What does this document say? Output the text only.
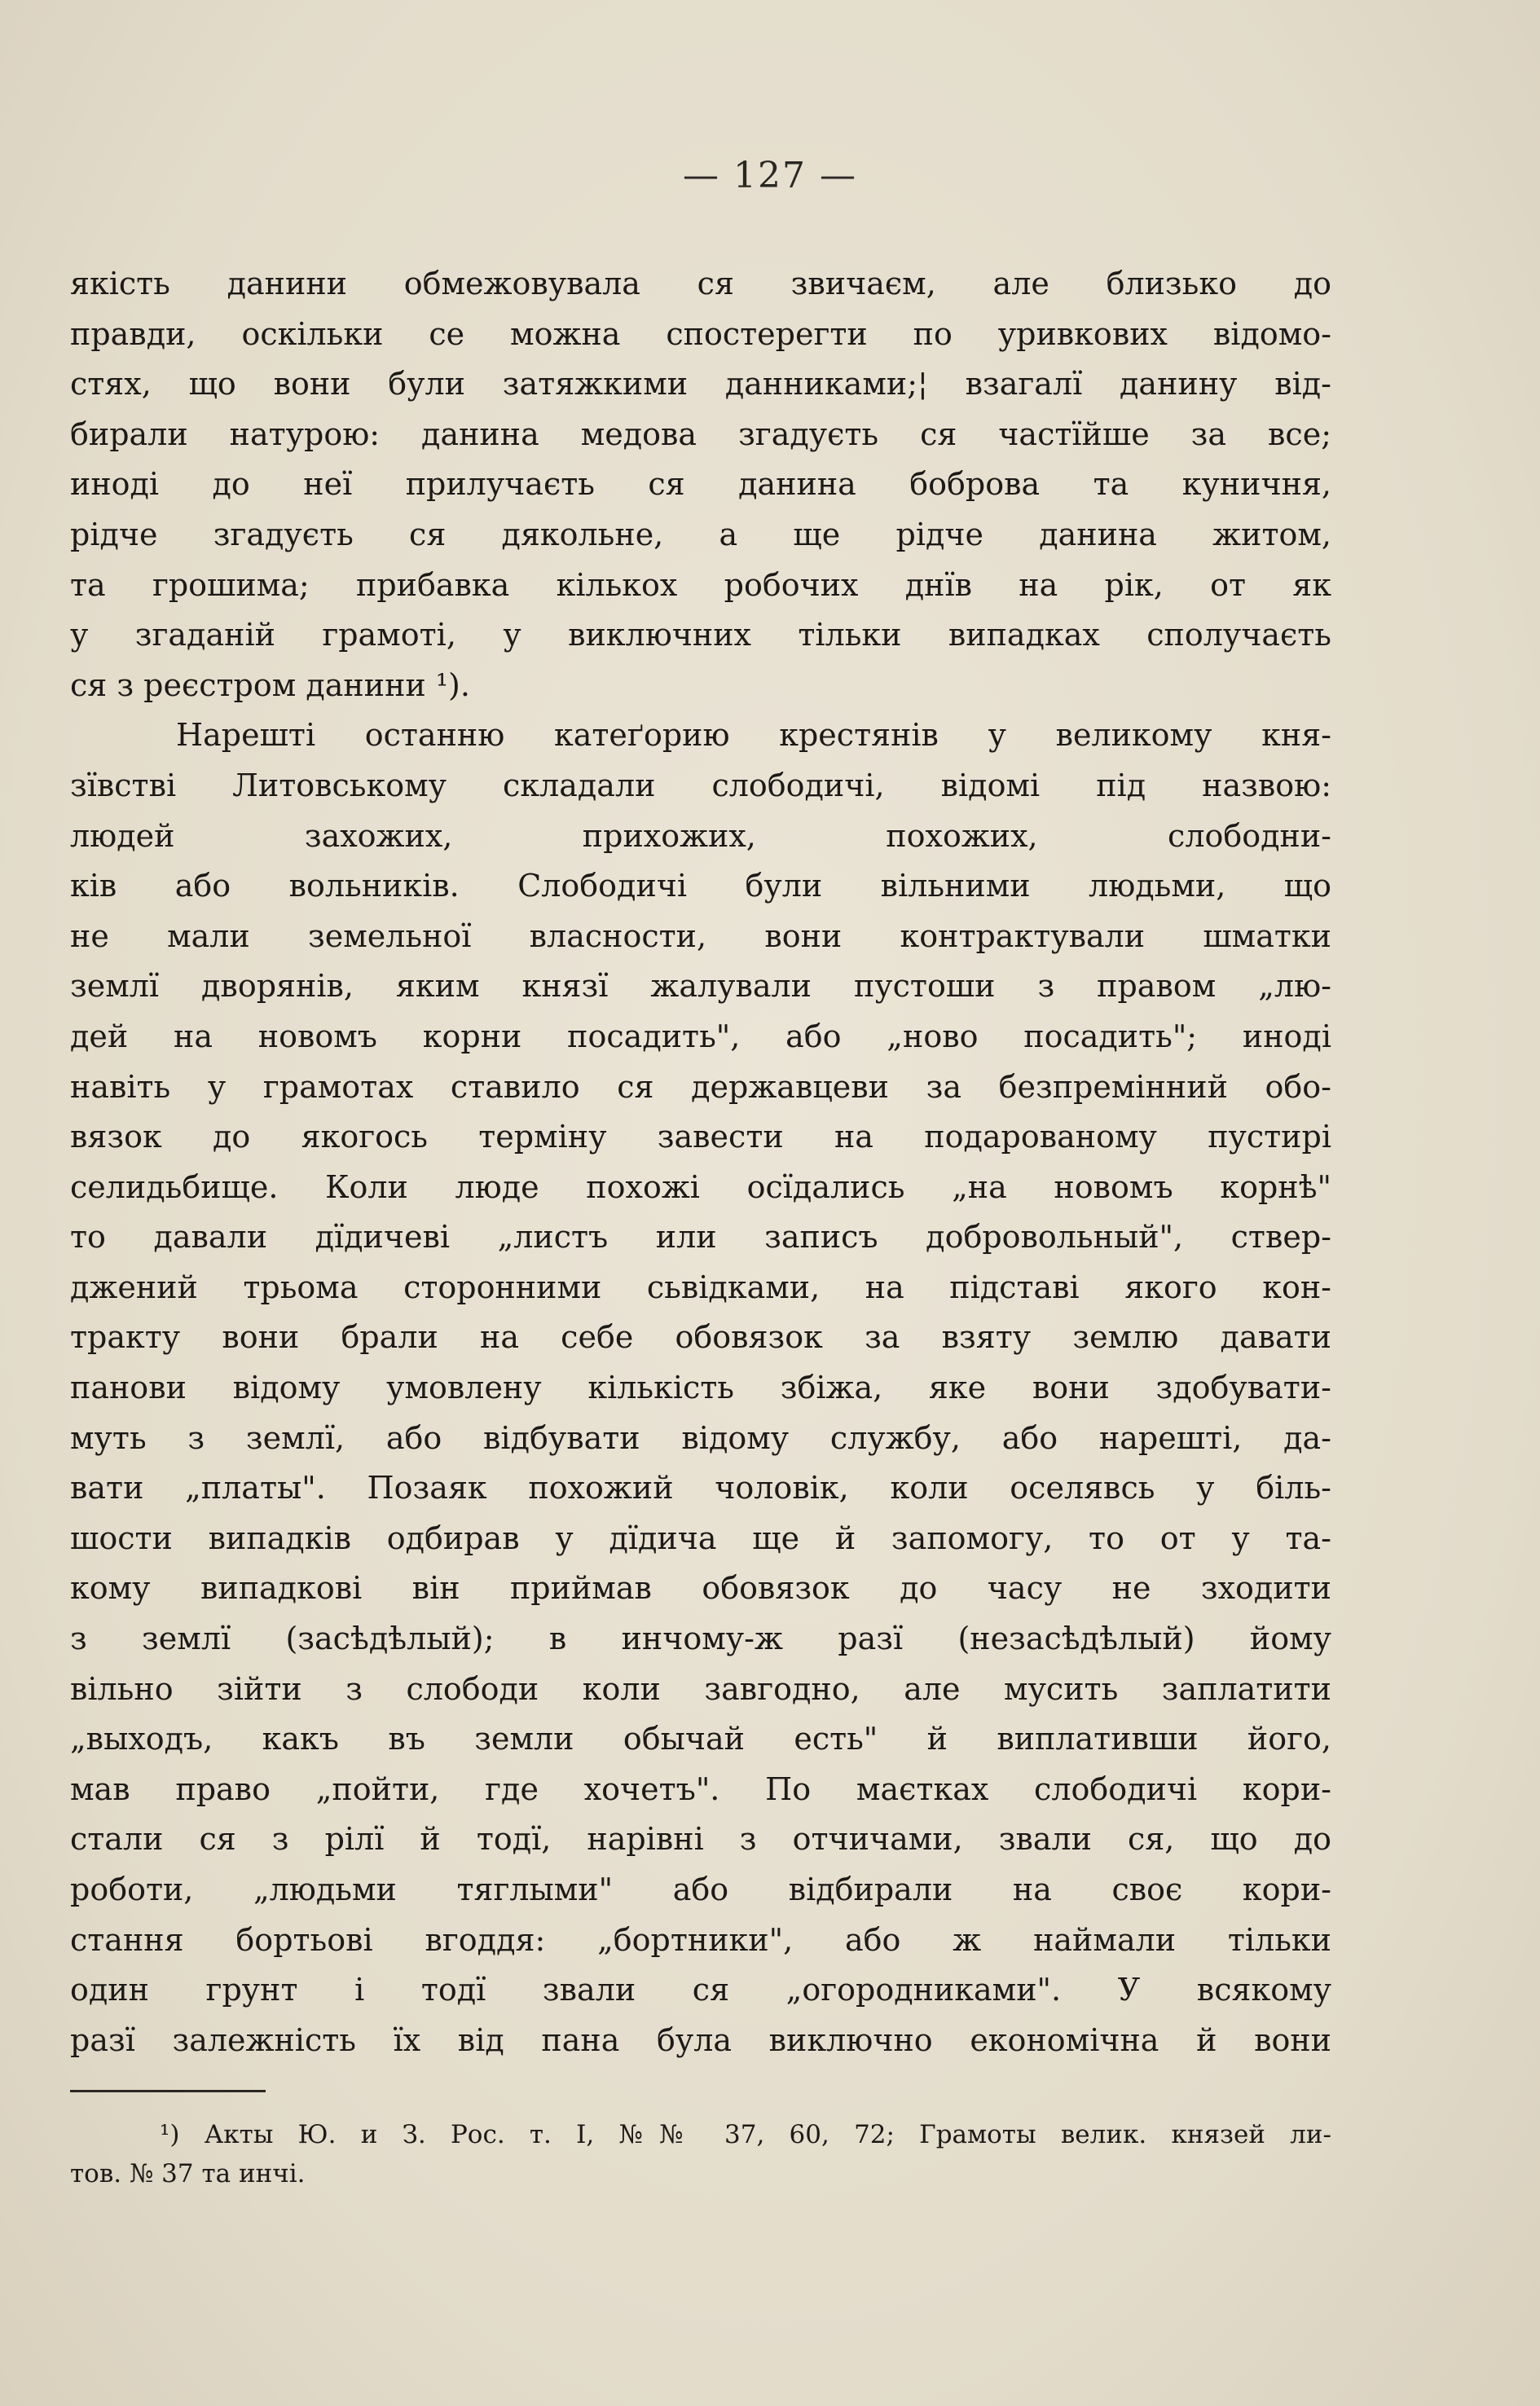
— 127 —
якість данини обмежовувала ся звичаєм, але близько до
правди, оскільки се можна спостерегти по уривкових відомо-
стях, що вони були затяжкими данниками;¦ взагалї данину від-
бирали натурою: данина медова згадуєть ся частїйше за все;
иноді до неї прилучаєть ся данина боброва та куничня,
рідче згадуєть ся дякольне, а ще рідче данина житом,
та грошима; прибавка кількох робочих днїв на рік, от як
у згаданій грамоті, у виключних тільки випадках сполучаєть
ся з реєстром данини ¹).
Нарешті останню катеґорию крестянів у великому кня-
зївстві Литовському складали слободичі, відомі під назвою:
людей захожих, прихожих, похожих, слободни-
ків або вольників. Слободичі були вільними людьми, що
не мали земельної власности, вони контрактували шматки
землї дворянів, яким князї жалували пустоши з правом „лю-
дей на новомъ корни посадить", або „ново посадить"; иноді
навіть у грамотах ставило ся державцеви за безпремінний обо-
вязок до якогось терміну завести на подарованому пустирі
селидьбище. Коли люде похожі осїдались „на новомъ корнѣ"
то давали дїдичеві „листъ или записъ добровольный", ствер-
джений трьома сторонними сьвідками, на підставі якого кон-
тракту вони брали на себе обовязок за взяту землю давати
панови відому умовлену кількість збіжа, яке вони здобувати-
муть з землї, або відбувати відому службу, або нарешті, да-
вати „платы". Позаяк похожий чоловік, коли оселявсь у біль-
шости випадків одбирав у дїдича ще й запомогу, то от у та-
кому випадкові він приймав обовязок до часу не зходити
з землї (засѣдѣлый); в инчому-ж разї (незасѣдѣлый) йому
вільно зійти з слободи коли завгодно, але мусить заплатити
„выходъ, какъ въ земли обычай есть" й виплативши його,
мав право „пойти, где хочетъ". По маєтках слободичі кори-
стали ся з рілї й тодї, нарівні з отчичами, звали ся, що до
роботи, „людьми тяглыми" або відбирали на своє кори-
стання бортьові вгоддя: „бортники", або ж наймали тільки
один грунт і тодї звали ся „огородниками". У всякому
разї залежність їх від пана була виключно економічна й вони
¹) Акты Ю. и З. Рос. т. І, №№ 37, 60, 72; Грамоты велик. князей ли-
тов. № 37 та инчі.
